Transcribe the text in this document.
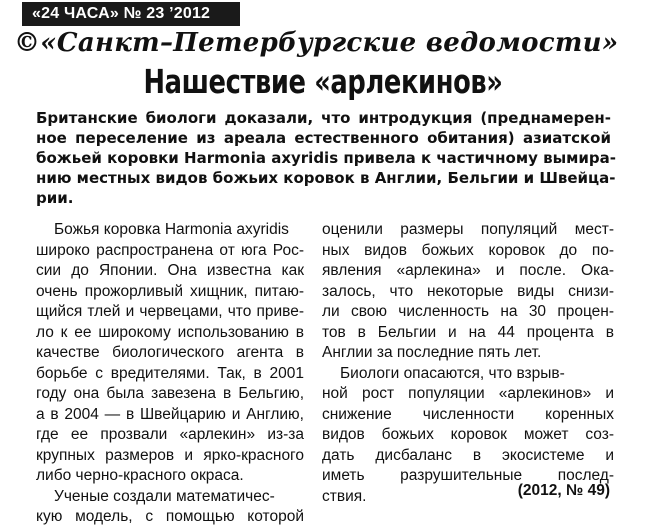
«24 ЧАСА» № 23 ’2012
©«Санкт–Петербургские ведомости»
Нашествие «арлекинов»
Британские биологи доказали, что интродукция (преднамерен-
ное переселение из ареала естественного обитания) азиатской
божьей коровки Harmonia axyridis привела к частичному вымира-
нию местных видов божьих коровок в Англии, Бельгии и Швейца-
рии.
Божья коровка Harmonia axyridis
широко распространена от юга Рос-
сии до Японии. Она известна как
очень прожорливый хищник, питаю-
щийся тлей и червецами, что приве-
ло к ее широкому использованию в
качестве биологического агента в
борьбе с вредителями. Так, в 2001
году она была завезена в Бельгию,
а в 2004 — в Швейцарию и Англию,
где ее прозвали «арлекин» из-за
крупных размеров и ярко-красного
либо черно-красного окраса.
Ученые создали математичес-
кую модель, с помощью которой
оценили размеры популяций мест-
ных видов божьих коровок до по-
явления «арлекина» и после. Ока-
залось, что некоторые виды снизи-
ли свою численность на 30 процен-
тов в Бельгии и на 44 процента в
Англии за последние пять лет.
Биологи опасаются, что взрыв-
ной рост популяции «арлекинов» и
снижение численности коренных
видов божьих коровок может соз-
дать дисбаланс в экосистеме и
иметь разрушительные послед-
ствия.	(2012, № 49)
